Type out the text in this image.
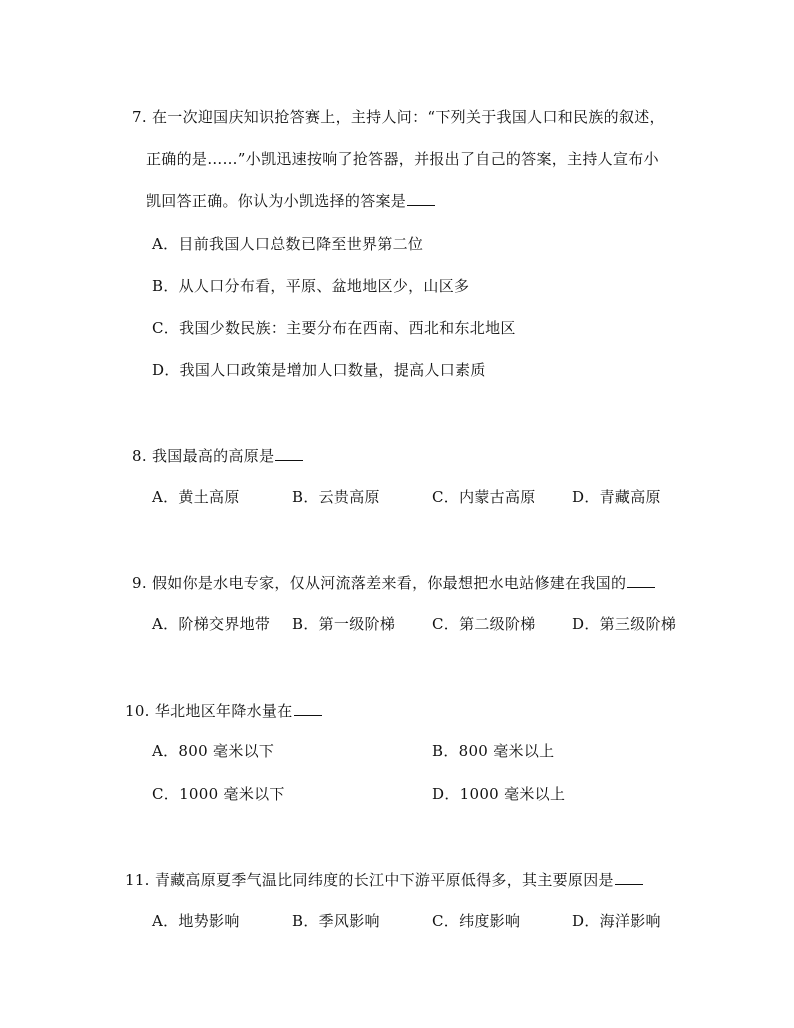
7. 在一次迎国庆知识抢答赛上，主持人问：“下列关于我国人口和民族的叙述，
正确的是……”小凯迅速按响了抢答器，并报出了自己的答案，主持人宣布小
凯回答正确。你认为小凯选择的答案是
A．目前我国人口总数已降至世界第二位
B．从人口分布看，平原、盆地地区少，山区多
C．我国少数民族：主要分布在西南、西北和东北地区
D．我国人口政策是增加人口数量，提高人口素质
8. 我国最高的高原是
A．黄土高原	B．云贵高原	C．内蒙古高原 D．青藏高原
9. 假如你是水电专家，仅从河流落差来看，你最想把水电站修建在我国的
A．阶梯交界地带 B．第一级阶梯 C．第二级阶梯 D．第三级阶梯
10. 华北地区年降水量在
A．800 毫米以下	B．800 毫米以上
C．1000 毫米以下	D．1000 毫米以上
11. 青藏高原夏季气温比同纬度的长江中下游平原低得多，其主要原因是
A．地势影响	B．季风影响	C．纬度影响	D．海洋影响
